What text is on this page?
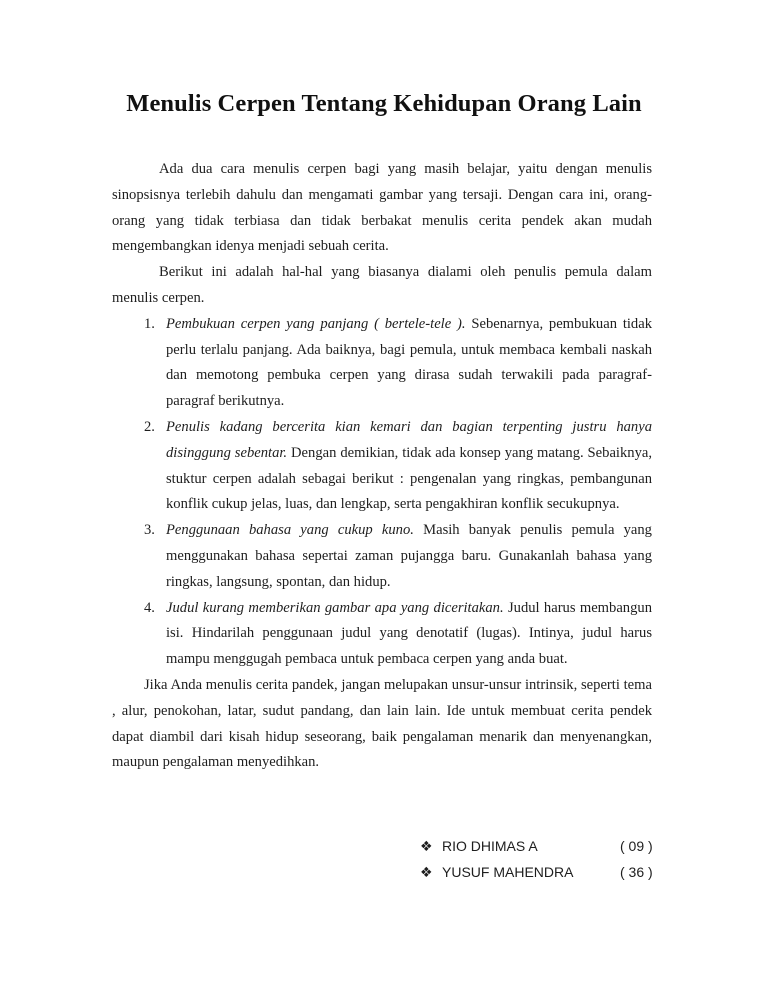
Menulis Cerpen Tentang Kehidupan Orang Lain

Ada dua cara menulis cerpen bagi yang masih belajar, yaitu dengan menulis sinopsisnya terlebih dahulu dan mengamati gambar yang tersaji. Dengan cara ini, orang-orang yang tidak terbiasa dan tidak berbakat menulis cerita pendek akan mudah mengembangkan idenya menjadi sebuah cerita.

Berikut ini adalah hal-hal yang biasanya dialami oleh penulis pemula dalam menulis cerpen.

1. Pembukuan cerpen yang panjang ( bertele-tele ). Sebenarnya, pembukuan tidak perlu terlalu panjang. Ada baiknya, bagi pemula, untuk membaca kembali naskah dan memotong pembuka cerpen yang dirasa sudah terwakili pada paragraf-paragraf berikutnya.
2. Penulis kadang bercerita kian kemari dan bagian terpenting justru hanya disinggung sebentar. Dengan demikian, tidak ada konsep yang matang. Sebaiknya, stuktur cerpen adalah sebagai berikut : pengenalan yang ringkas, pembangunan konflik cukup jelas, luas, dan lengkap, serta pengakhiran konflik secukupnya.
3. Penggunaan bahasa yang cukup kuno. Masih banyak penulis pemula yang menggunakan bahasa sepertai zaman pujangga baru. Gunakanlah bahasa yang ringkas, langsung, spontan, dan hidup.
4. Judul kurang memberikan gambar apa yang diceritakan. Judul harus membangun isi. Hindarilah penggunaan judul yang denotatif (lugas). Intinya, judul harus mampu menggugah pembaca untuk pembaca cerpen yang anda buat.

Jika Anda menulis cerita pandek, jangan melupakan unsur-unsur intrinsik, seperti tema , alur, penokohan, latar, sudut pandang, dan lain lain. Ide untuk membuat cerita pendek dapat diambil dari kisah hidup seseorang, baik pengalaman menarik dan menyenangkan, maupun pengalaman menyedihkan.

❖ RIO DHIMAS A	( 09 )
❖ YUSUF MAHENDRA	( 36 )
